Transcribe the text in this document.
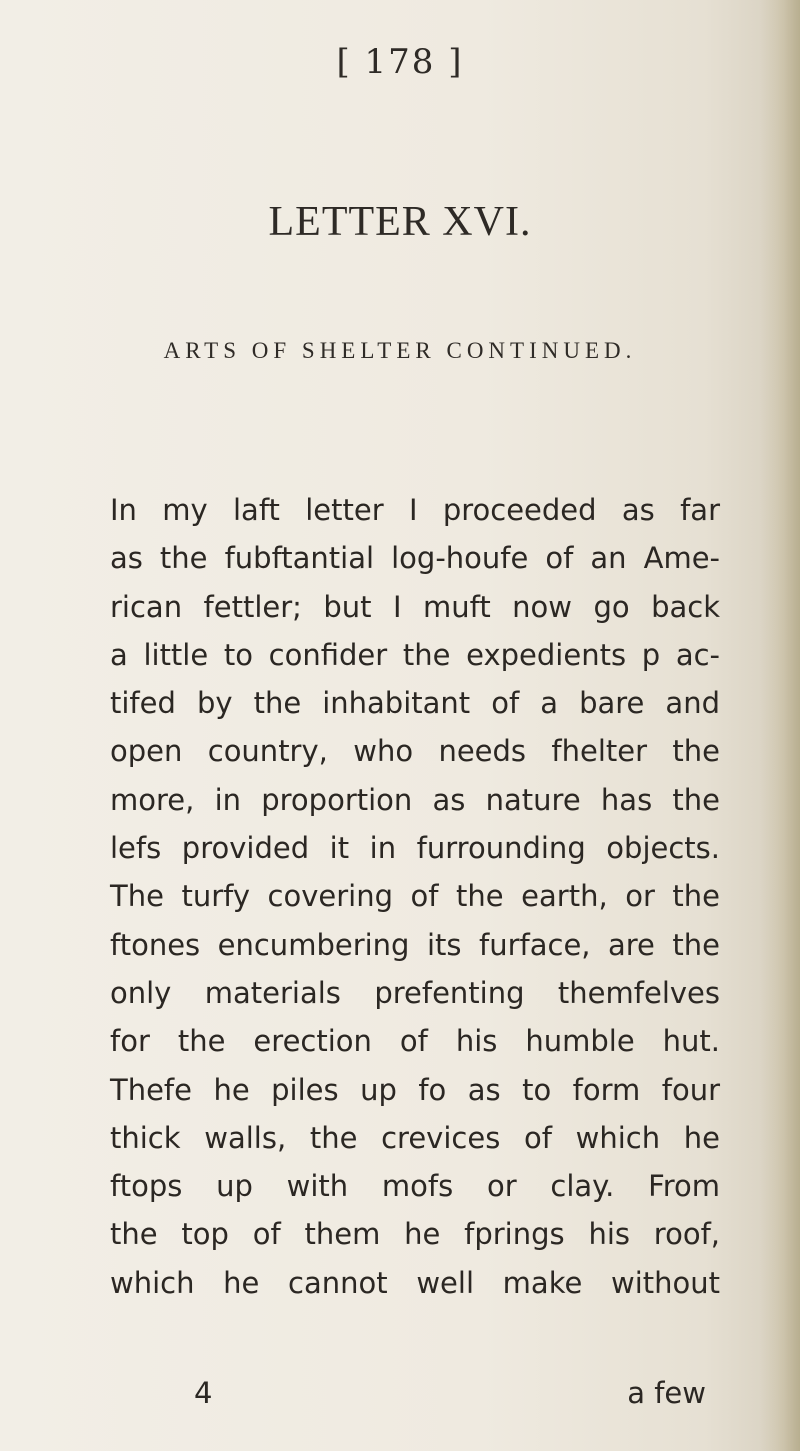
[ 178 ]
LETTER XVI.
ARTS OF SHELTER CONTINUED.
In my laft letter I proceeded as far
as the fubftantial log-houfe of an Ame-
rican fettler; but I muft now go back
a little to confider the expedients p ac-
tifed by the inhabitant of a bare and
open country, who needs fhelter the
more, in proportion as nature has the
lefs provided it in furrounding objects.
The turfy covering of the earth, or the
ftones encumbering its furface, are the
only materials prefenting themfelves
for the erection of his humble hut.
Thefe he piles up fo as to form four
thick walls, the crevices of which he
ftops up with mofs or clay. From
the top of them he fprings his roof,
which he cannot well make without
4	a few
